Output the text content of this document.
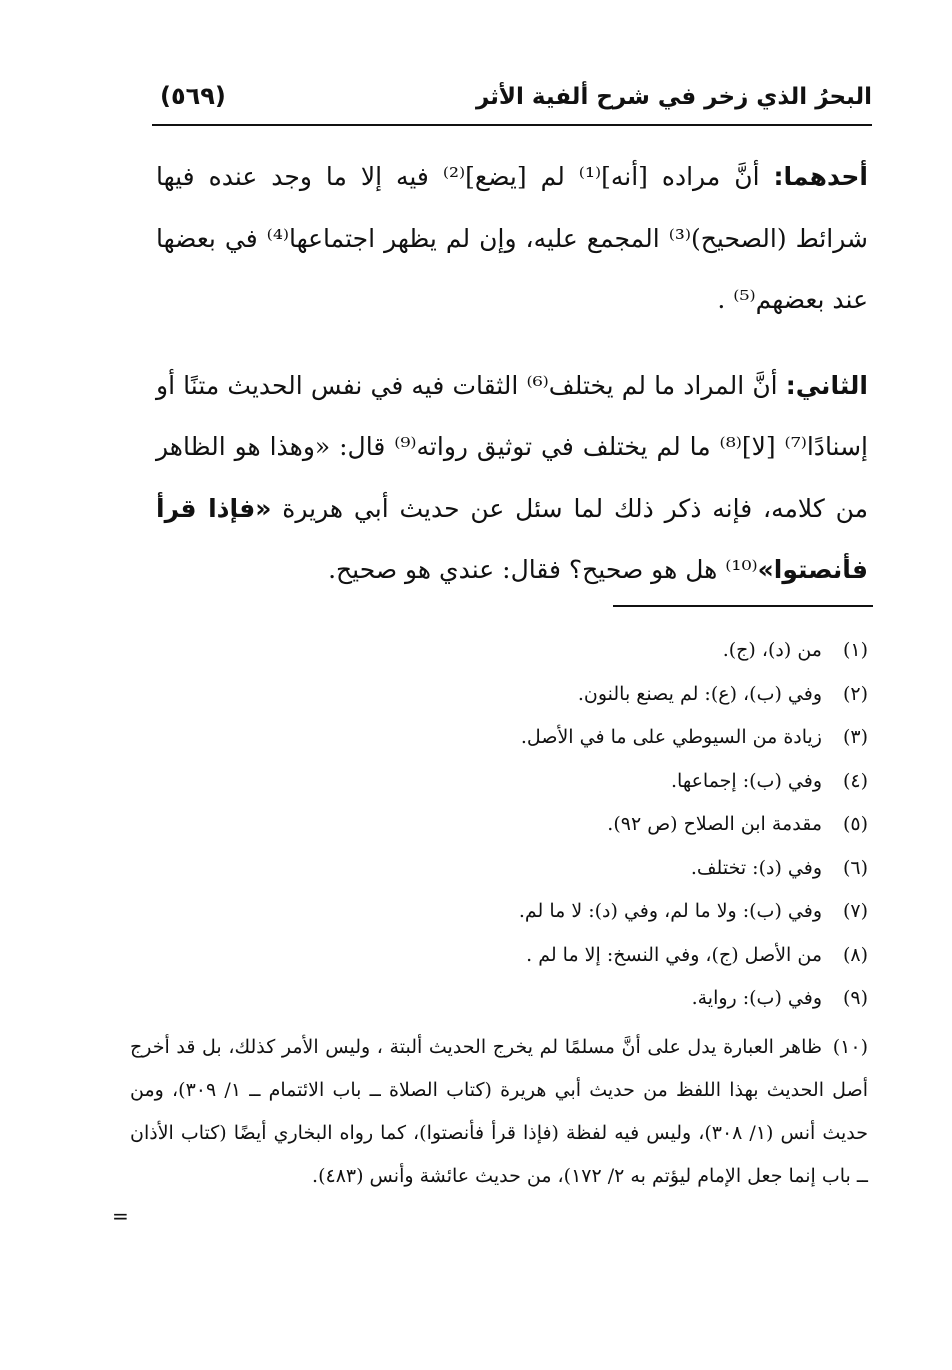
البحرُ الذي زخر في شرح ألفية الأثر
(٥٦٩)

أحدهما: أنَّ مراده [أنه]⁽¹⁾ لم [يضع]⁽²⁾ فيه إلا ما وجد عنده فيها شرائط (الصحيح)⁽³⁾ المجمع عليه، وإن لم يظهر اجتماعها⁽⁴⁾ في بعضها عند بعضهم⁽⁵⁾ .

الثاني: أنَّ المراد ما لم يختلف⁽⁶⁾ الثقات فيه في نفس الحديث متنًا أو إسنادًا⁽⁷⁾ [لا]⁽⁸⁾ ما لم يختلف في توثيق رواته⁽⁹⁾ قال: «وهذا هو الظاهر من كلامه، فإنه ذكر ذلك لما سئل عن حديث أبي هريرة «فإذا قرأ فأنصتوا»⁽¹⁰⁾ هل هو صحيح؟ فقال: عندي هو صحيح.

(١)من (د)، (ج).
(٢)وفي (ب)، (ع): لم يصنع بالنون.
(٣)زيادة من السيوطي على ما في الأصل.
(٤)وفي (ب): إجماعها.
(٥)مقدمة ابن الصلاح (ص ٩٢).
(٦)وفي (د): تختلف.
(٧)وفي (ب): ولا ما لم، وفي (د): لا ما لم.
(٨)من الأصل (ج)، وفي النسخ: إلا ما لم .
(٩)وفي (ب): رواية.
(١٠)ظاهر العبارة يدل على أنَّ مسلمًا لم يخرج الحديث ألبتة ، وليس الأمر كذلك، بل قد أخرج أصل الحديث بهذا اللفظ من حديث أبي هريرة (كتاب الصلاة ــ باب الائتمام ــ ١/ ٣٠٩)، ومن حديث أنس (١/ ٣٠٨)، وليس فيه لفظة (فإذا قرأ فأنصتوا)، كما رواه البخاري أيضًا (كتاب الأذان ــ باب إنما جعل الإمام ليؤتم به ٢/ ١٧٢)، من حديث عائشة وأنس (٤٨٣).
=
